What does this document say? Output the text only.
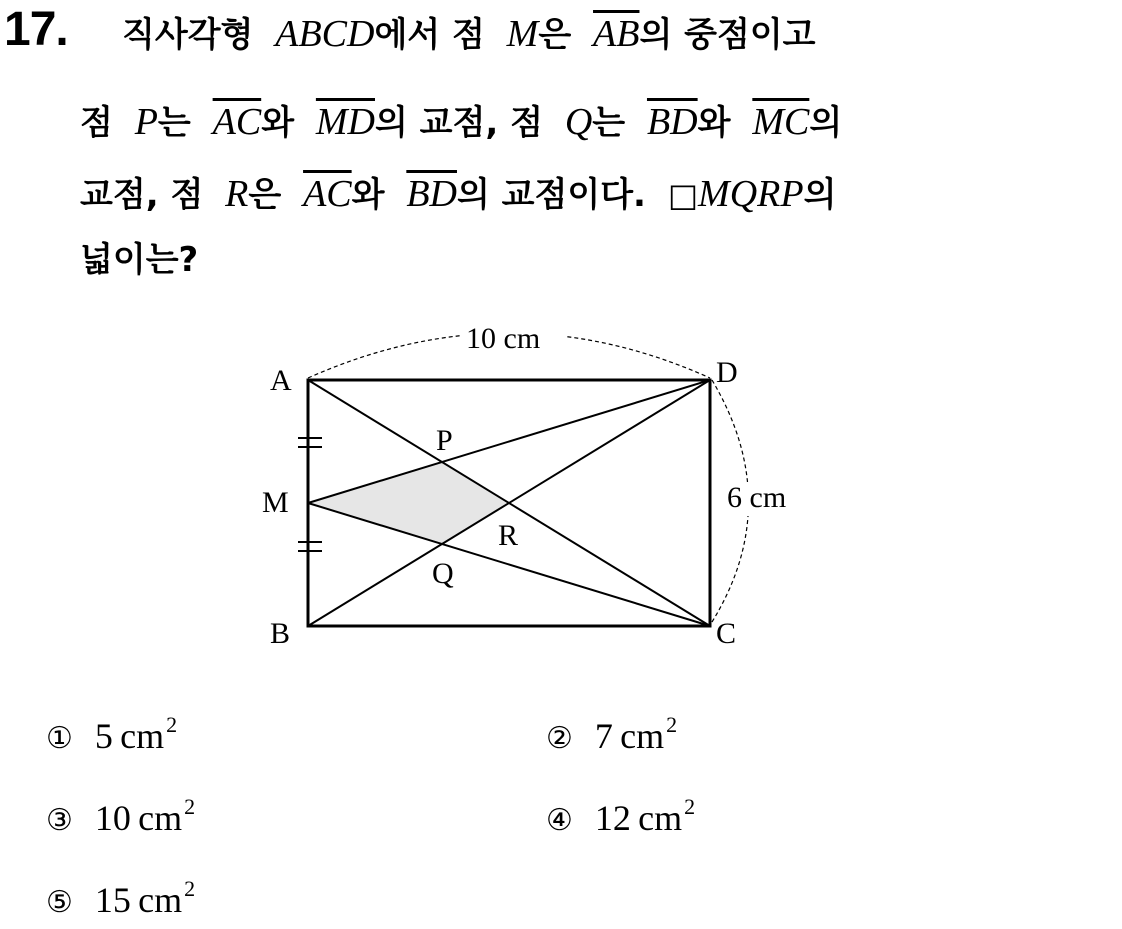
17. 직사각형 ABCD에서 점 M은 $\overline{AB}$의 중점이고
점 P는 $\overline{AC}$와 $\overline{MD}$의 교점, 점 Q는 $\overline{BD}$와 $\overline{MC}$의
교점, 점 R은 $\overline{AC}$와 $\overline{BD}$의 교점이다. □MQRP의
넓이는?
A	D
B	C
M
P
Q
R
10 cm
6 cm
① 5  $cm^2$	② 7  $cm^2$
③ 10  $cm^2$	④ 12  $cm^2$
⑤ 15  $cm^2$
